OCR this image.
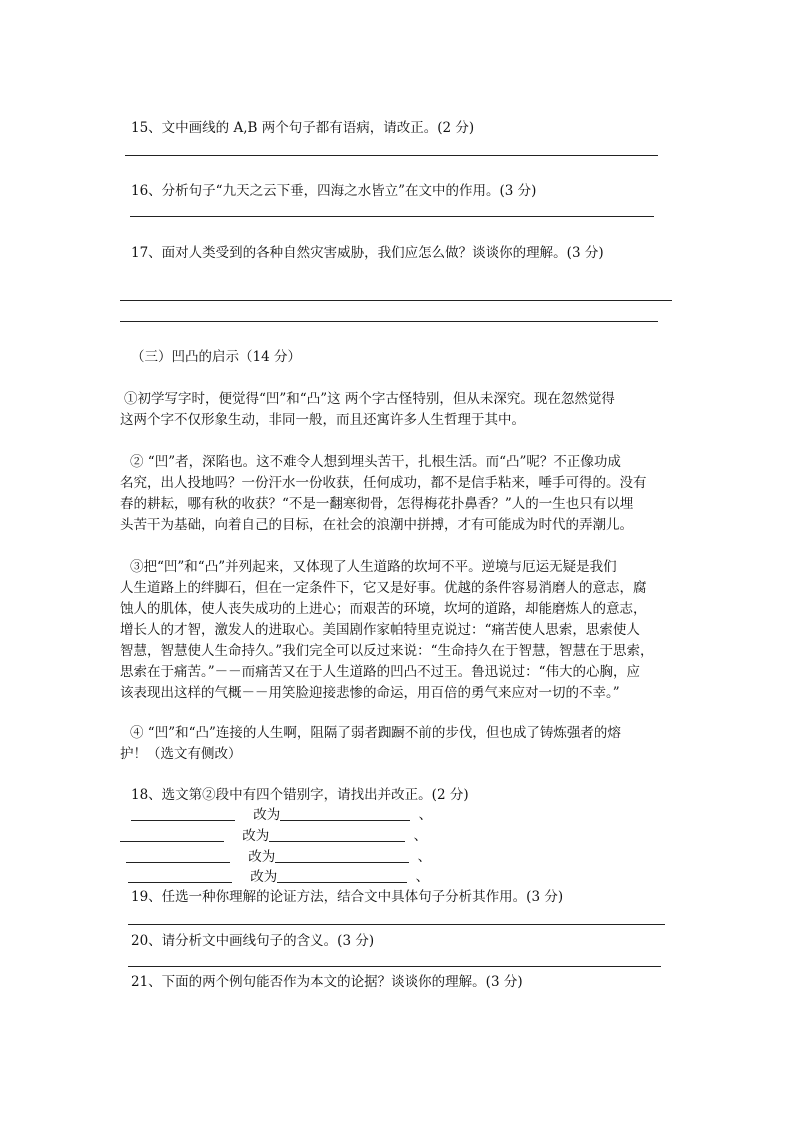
15、文中画线的 A,B 两个句子都有语病，请改正。(2 分)

16、分析句子“九天之云下垂，四海之水皆立”在文中的作用。(3 分)

17、面对人类受到的各种自然灾害威胁，我们应怎么做？谈谈你的理解。(3 分)

（三）凹凸的启示（14 分）

①初学写字时，便觉得“凹”和“凸”这 两个字古怪特别，但从未深究。现在忽然觉得
这两个字不仅形象生动，非同一般，而且还寓许多人生哲理于其中。
② “凹”者，深陷也。这不难令人想到埋头苦干，扎根生活。而“凸”呢？不正像功成
名究，出人投地吗？一份汗水一份收获，任何成功，都不是信手粘来，唾手可得的。没有
春的耕耘，哪有秋的收获？“不是一翻寒彻骨，怎得梅花扑鼻香？”人的一生也只有以埋
头苦干为基础，向着自己的目标，在社会的浪潮中拼搏，才有可能成为时代的弄潮儿。
③把“凹”和“凸”并列起来，又体现了人生道路的坎坷不平。逆境与厄运无疑是我们
人生道路上的绊脚石，但在一定条件下，它又是好事。优越的条件容易消磨人的意志，腐
蚀人的肌体，使人丧失成功的上进心；而艰苦的环境，坎坷的道路，却能磨炼人的意志，
增长人的才智，激发人的进取心。美国剧作家帕特里克说过：“痛苦使人思索，思索使人
智慧，智慧使人生命持久。”我们完全可以反过来说：“生命持久在于智慧，智慧在于思索，
思索在于痛苦。”－－而痛苦又在于人生道路的凹凸不过王。鲁迅说过：“伟大的心胸，应
该表现出这样的气概－－用笑脸迎接悲惨的命运，用百倍的勇气来应对一切的不幸。”
④ “凹”和“凸”连接的人生啊，阻隔了弱者踟蹰不前的步伐，但也成了铸炼强者的熔
护！（选文有侧改）

18、选文第②段中有四个错别字，请找出并改正。(2 分)

改为	、
改为	、
改为	、
改为	、

19、任选一种你理解的论证方法，结合文中具体句子分析其作用。(3 分)

20、请分析文中画线句子的含义。(3 分)

21、下面的两个例句能否作为本文的论据？谈谈你的理解。(3 分)
